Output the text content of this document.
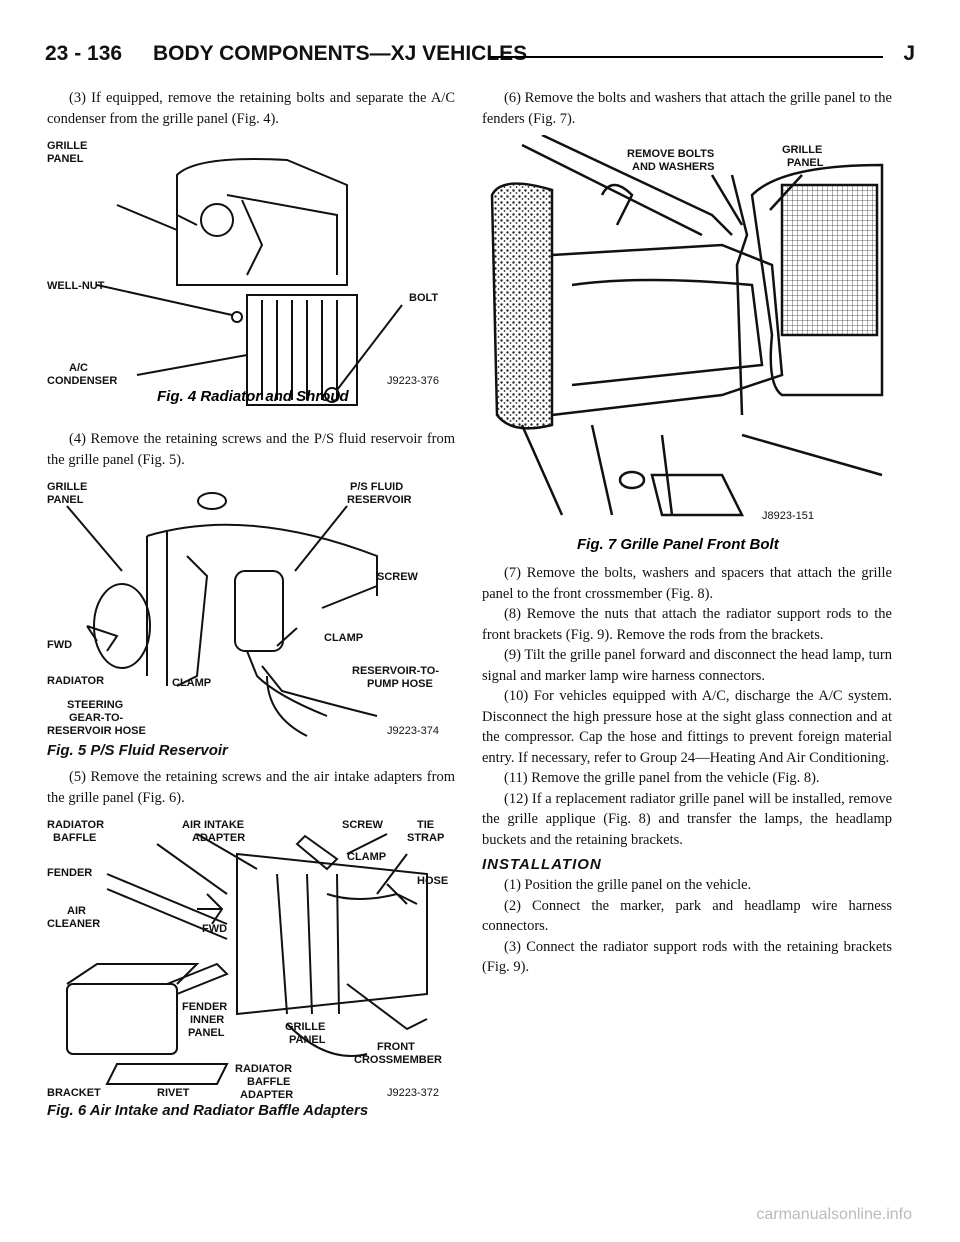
23 - 136 BODY COMPONENTS—XJ VEHICLES	J

(3) If equipped, remove the retaining bolts and separate the A/C condenser from the grille panel (Fig. 4).

GRILLE
PANEL
WELL-NUT
BOLT
A/C
CONDENSER	J9223-376
Fig. 4 Radiator and Shroud

(4) Remove the retaining screws and the P/S fluid reservoir from the grille panel (Fig. 5).

GRILLE
PANEL
P/S FLUID
RESERVOIR
SCREW
FWD
CLAMP
RADIATOR	CLAMP
RESERVOIR-TO-
PUMP HOSE
STEERING
GEAR-TO-
RESERVOIR HOSE	J9223-374
Fig. 5 P/S Fluid Reservoir

(5) Remove the retaining screws and the air intake adapters from the grille panel (Fig. 6).

RADIATOR
BAFFLE
AIR INTAKE
ADAPTER
SCREW	TIE
STRAP
FENDER
CLAMP
HOSE
AIR
CLEANER	FWD
FENDER
INNER
PANEL	GRILLE
PANEL
FRONT
CROSSMEMBER
BRACKET	RIVET
RADIATOR
BAFFLE
ADAPTER	J9223-372
Fig. 6 Air Intake and Radiator Baffle Adapters

(6) Remove the bolts and washers that attach the grille panel to the fenders (Fig. 7).

REMOVE BOLTS
AND WASHERS
GRILLE
PANEL
J8923-151
Fig. 7 Grille Panel Front Bolt

(7) Remove the bolts, washers and spacers that attach the grille panel to the front crossmember (Fig. 8).

(8) Remove the nuts that attach the radiator support rods to the front brackets (Fig. 9). Remove the rods from the brackets.

(9) Tilt the grille panel forward and disconnect the head lamp, turn signal and marker lamp wire harness connectors.

(10) For vehicles equipped with A/C, discharge the A/C system. Disconnect the high pressure hose at the sight glass connection and at the compressor. Cap the hose and fittings to prevent foreign material entry. If necessary, refer to Group 24—Heating And Air Conditioning.

(11) Remove the grille panel from the vehicle (Fig. 8).

(12) If a replacement radiator grille panel will be installed, remove the grille applique (Fig. 8) and transfer the lamps, the headlamp buckets and the retaining brackets.

INSTALLATION

(1) Position the grille panel on the vehicle.

(2) Connect the marker, park and headlamp wire harness connectors.

(3) Connect the radiator support rods with the retaining brackets (Fig. 9).

carmanualsonline.info
